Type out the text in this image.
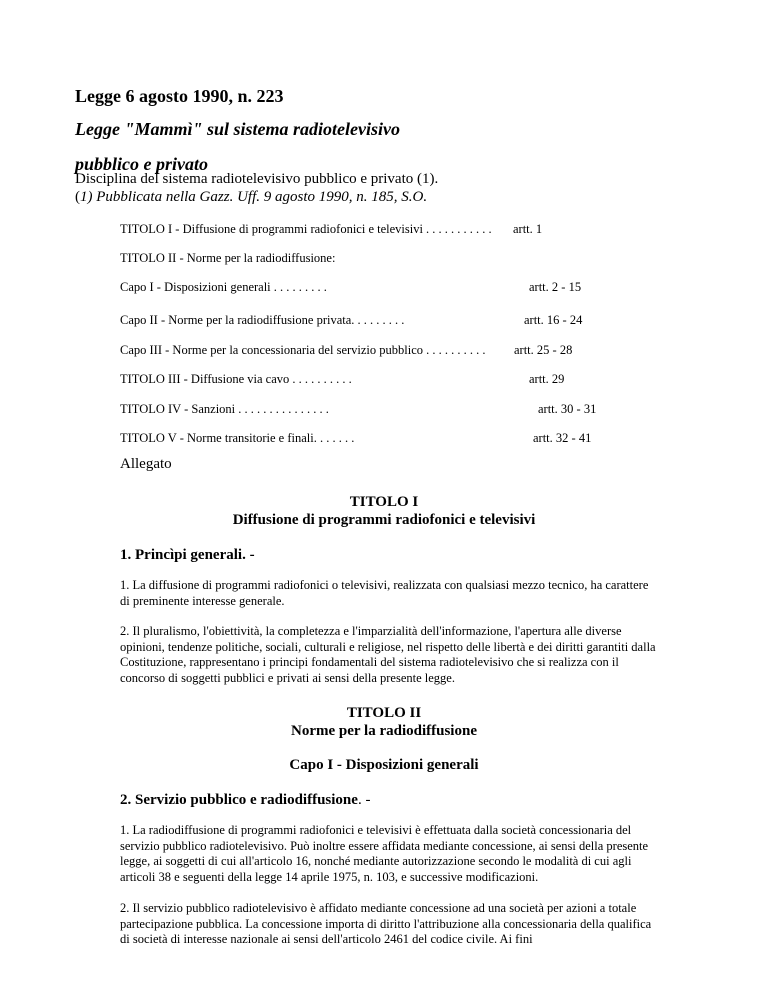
Legge 6 agosto 1990, n. 223
Legge "Mammì" sul sistema radiotelevisivo
pubblico e privato
Disciplina del sistema radiotelevisivo pubblico e privato (1).
(1) Pubblicata nella Gazz. Uff. 9 agosto 1990, n. 185, S.O.
TITOLO I - Diffusione di programmi radiofonici e televisivi . . . . . . . . . . . artt. 1
TITOLO II - Norme per la radiodiffusione:
Capo I - Disposizioni generali . . . . . . . . .	artt. 2 - 15
Capo II - Norme per la radiodiffusione privata. . . . . . . . .	artt. 16 - 24
Capo III - Norme per la concessionaria del servizio pubblico . . . . . . . . . . artt. 25 - 28
TITOLO III - Diffusione via cavo . . . . . . . . . .	artt. 29
TITOLO IV - Sanzioni . . . . . . . . . . . . . . .	artt. 30 - 31
TITOLO V - Norme transitorie e finali. . . . . . .	artt. 32 - 41
Allegato
TITOLO I
Diffusione di programmi radiofonici e televisivi
1. Princìpi generali. -
1. La diffusione di programmi radiofonici o televisivi, realizzata con qualsiasi mezzo tecnico, ha carattere di preminente interesse generale.
2. Il pluralismo, l'obiettività, la completezza e l'imparzialità dell'informazione, l'apertura alle diverse opinioni, tendenze politiche, sociali, culturali e religiose, nel rispetto delle libertà e dei diritti garantiti dalla Costituzione, rappresentano i principi fondamentali del sistema radiotelevisivo che si realizza con il concorso di soggetti pubblici e privati ai sensi della presente legge.
TITOLO II
Norme per la radiodiffusione
Capo I - Disposizioni generali
2. Servizio pubblico e radiodiffusione. -
1. La radiodiffusione di programmi radiofonici e televisivi è effettuata dalla società concessionaria del servizio pubblico radiotelevisivo. Può inoltre essere affidata mediante concessione, ai sensi della presente legge, ai soggetti di cui all'articolo 16, nonché mediante autorizzazione secondo le modalità di cui agli articoli 38 e seguenti della legge 14 aprile 1975, n. 103, e successive modificazioni.
2. Il servizio pubblico radiotelevisivo è affidato mediante concessione ad una società per azioni a totale partecipazione pubblica. La concessione importa di diritto l'attribuzione alla concessionaria della qualifica di società di interesse nazionale ai sensi dell'articolo 2461 del codice civile. Ai fini
